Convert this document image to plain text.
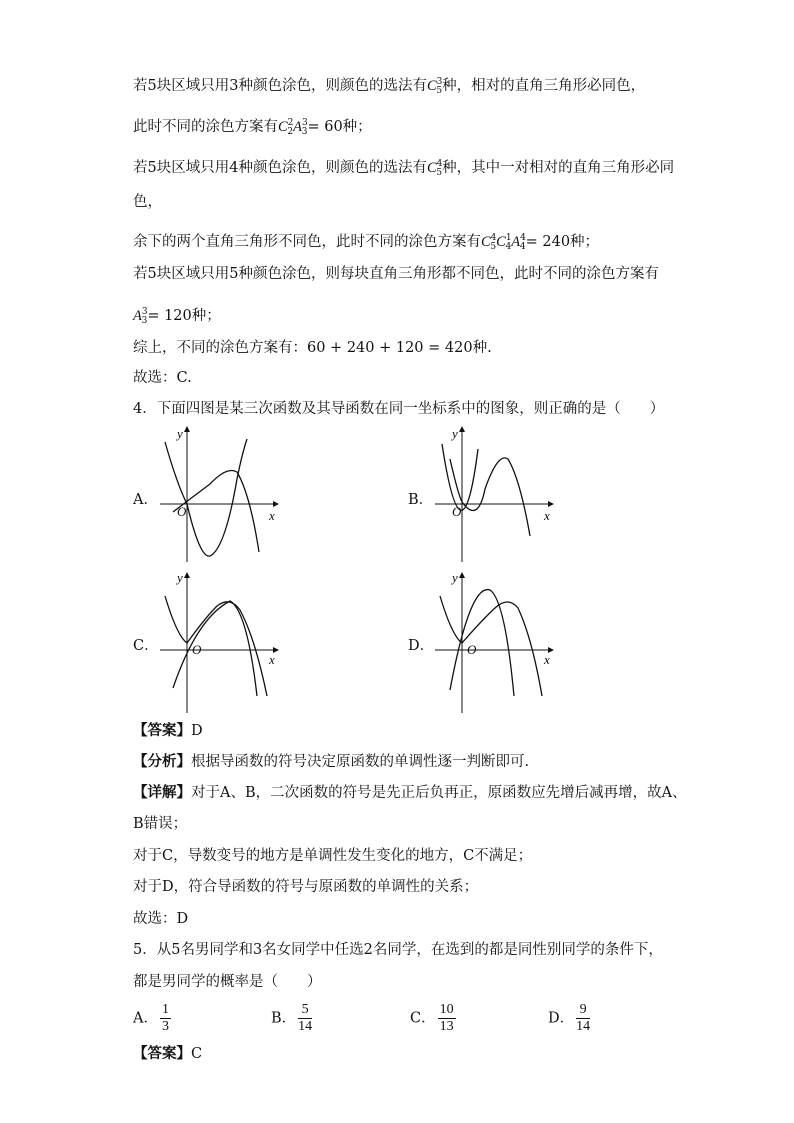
若5块区域只用3种颜色涂色，则颜色的选法有$C^3_5$种，相对的直角三角形必同色，
此时不同的涂色方案有$C^2_2A^3_3= 60$种；
若5块区域只用4种颜色涂色，则颜色的选法有$C^4_5$种，其中一对相对的直角三角形必同
色，
余下的两个直角三角形不同色，此时不同的涂色方案有$C^4_5C^1_4A^4_4= 240$种；
若5块区域只用5种颜色涂色，则每块直角三角形都不同色，此时不同的涂色方案有
$A^3_3= 120$种；
综上，不同的涂色方案有：60 + 240 + 120 = 420种.
故选：C.
4．下面四图是某三次函数及其导函数在同一坐标系中的图象，则正确的是（　　）
A．
y
x
O
B．
y
x
O
C．
y
x
O	D．
y
x
O
【答案】D
【分析】根据导函数的符号决定原函数的单调性逐一判断即可.
【详解】对于A、B，二次函数的符号是先正后负再正，原函数应先增后减再增，故A、
B错误；
对于C，导数变号的地方是单调性发生变化的地方，C不满足；
对于D，符合导函数的符号与原函数的单调性的关系；
故选：D
5．从5名男同学和3名女同学中任选2名同学，在选到的都是同性别同学的条件下，
都是男同学的概率是（　　）
A． $\frac{1}{3}$	B． $\frac{5}{14}$	C． $\frac{10}{13}$	D． $\frac{9}{14}$
【答案】C
